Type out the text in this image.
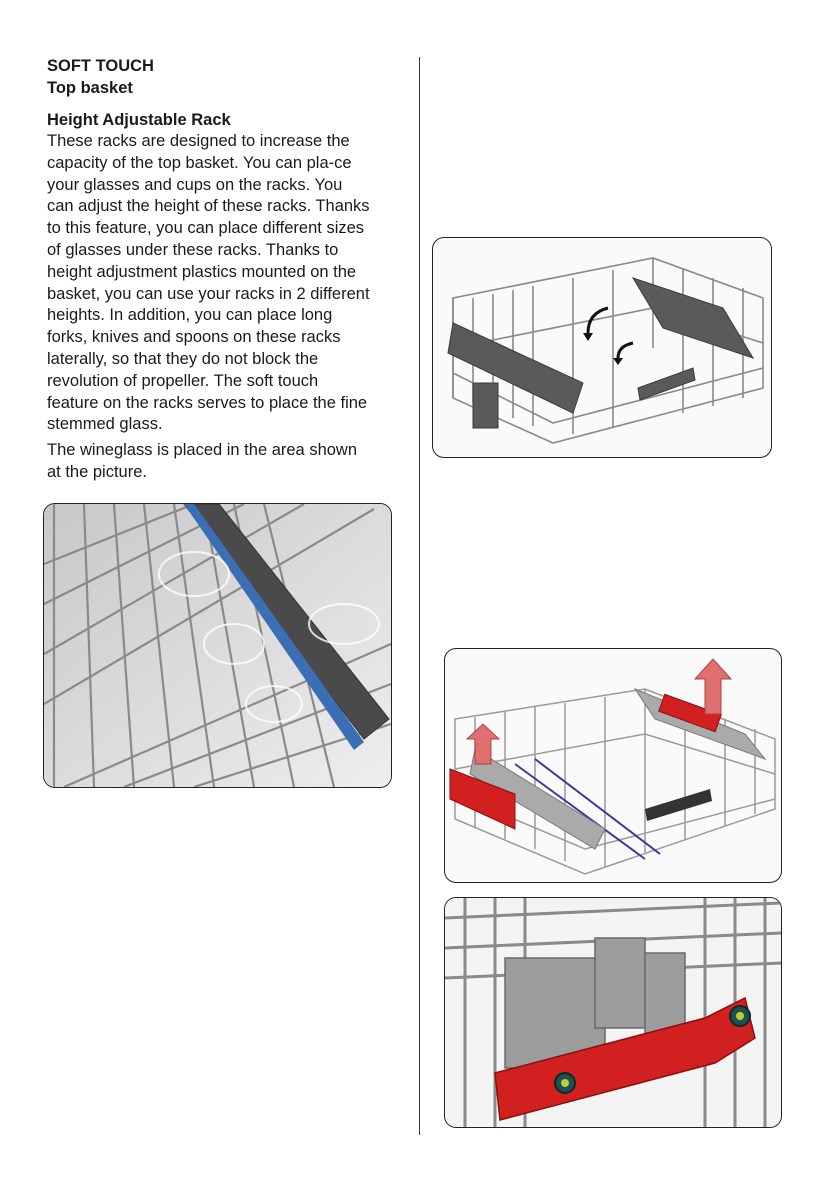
SOFT TOUCH

Top basket

Height Adjustable Rack

These racks are designed to increase the
capacity of the top basket. You can pla-ce
your glasses and cups on the racks. You
can adjust the height of these racks. Thanks
to this feature, you can place different sizes
of glasses under these racks. Thanks to
height adjustment plastics mounted on the
basket, you can use your racks in 2 different
heights. In addition, you can place long
forks, knives and spoons on these racks
laterally, so that they do not block the
revolution of propeller. The soft touch
feature on the racks serves to place the fine
stemmed glass.

The wineglass is placed in the area shown
at the picture.
